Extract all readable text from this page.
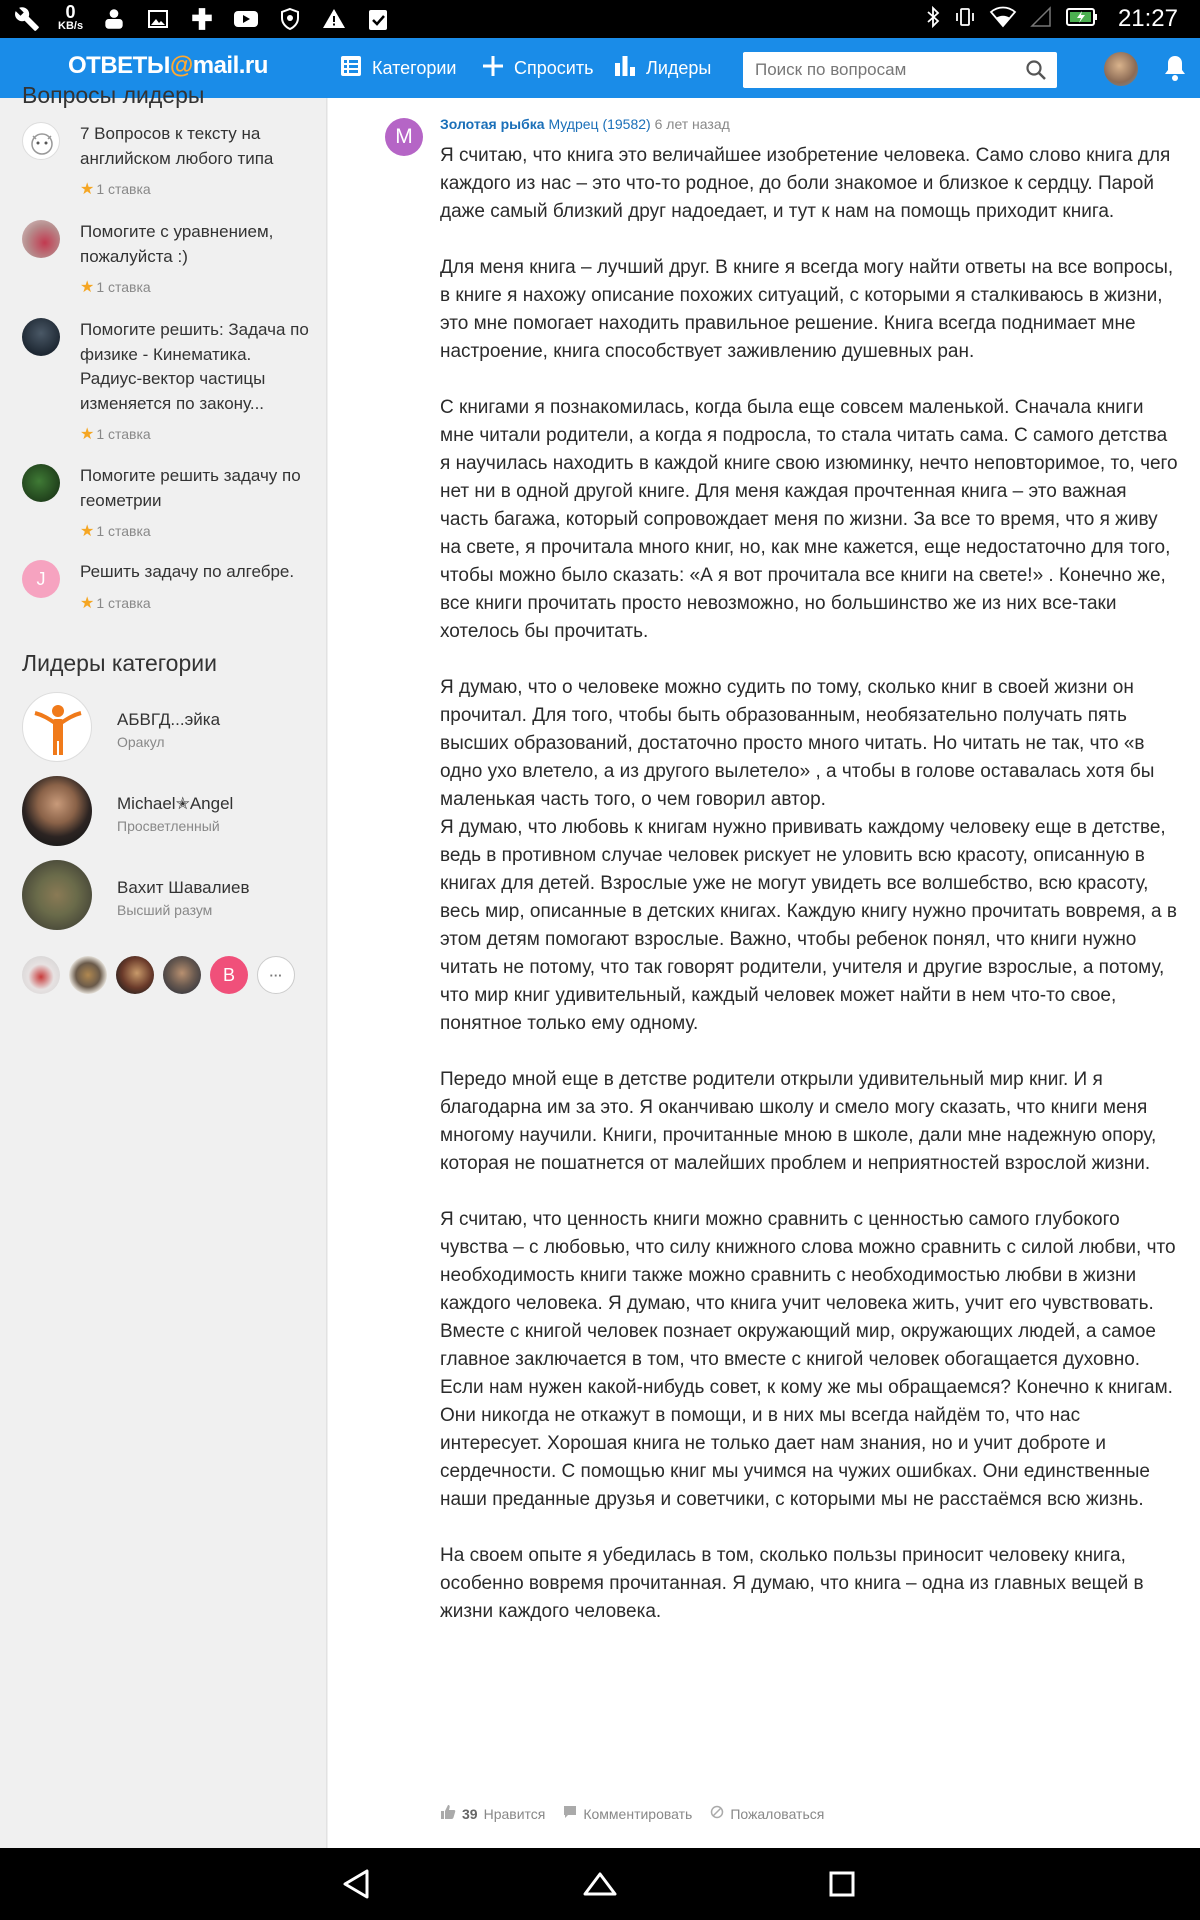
0
KB/s	21:27
ОТВЕТЫ@mail.ru	Категории	Спросить	Лидеры
Поиск по вопросам
Вопросы лидеры
7 Вопросов к тексту на английском любого типа
★ 1 ставка
Помогите с уравнением, пожалуйста :)
★ 1 ставка
Помогите решить: Задача по физике - Кинематика. Радиус-вектор частицы изменяется по закону...
★ 1 ставка
Помогите решить задачу по геометрии
★ 1 ставка
J	Решить задачу по алгебре.
★ 1 ставка
Лидеры категории
АБВГД...эйка
Оракул
Michael✭Angel
Просветленный
Вахит Шавалиев
Высший разум
B	···
M
Золотая рыбка Мудрец (19582) 6 лет назад

Я считаю, что книга это величайшее изобретение человека. Само слово книга для каждого из нас – это что-то родное, до боли знакомое и близкое к сердцу. Парой даже самый близкий друг надоедает, и тут к нам на помощь приходит книга.

Для меня книга – лучший друг. В книге я всегда могу найти ответы на все вопросы, в книге я нахожу описание похожих ситуаций, с которыми я сталкиваюсь в жизни, это мне помогает находить правильное решение. Книга всегда поднимает мне настроение, книга способствует заживлению душевных ран.

С книгами я познакомилась, когда была еще совсем маленькой. Сначала книги мне читали родители, а когда я подросла, то стала читать сама. С самого детства я научилась находить в каждой книге свою изюминку, нечто неповторимое, то, чего нет ни в одной другой книге. Для меня каждая прочтенная книга – это важная часть багажа, который сопровождает меня по жизни. За все то время, что я живу на свете, я прочитала много книг, но, как мне кажется, еще недостаточно для того, чтобы можно было сказать: «А я вот прочитала все книги на свете!» . Конечно же, все книги прочитать просто невозможно, но большинство же из них все-таки хотелось бы прочитать.

Я думаю, что о человеке можно судить по тому, сколько книг в своей жизни он прочитал. Для того, чтобы быть образованным, необязательно получать пять высших образований, достаточно просто много читать. Но читать не так, что «в одно ухо влетело, а из другого вылетело» , а чтобы в голове оставалась хотя бы маленькая часть того, о чем говорил автор.

Я думаю, что любовь к книгам нужно прививать каждому человеку еще в детстве, ведь в противном случае человек рискует не уловить всю красоту, описанную в книгах для детей. Взрослые уже не могут увидеть все волшебство, всю красоту, весь мир, описанные в детских книгах. Каждую книгу нужно прочитать вовремя, а в этом детям помогают взрослые. Важно, чтобы ребенок понял, что книги нужно читать не потому, что так говорят родители, учителя и другие взрослые, а потому, что мир книг удивительный, каждый человек может найти в нем что-то свое, понятное только ему одному.

Передо мной еще в детстве родители открыли удивительный мир книг. И я благодарна им за это. Я оканчиваю школу и смело могу сказать, что книги меня многому научили. Книги, прочитанные мною в школе, дали мне надежную опору, которая не пошатнется от малейших проблем и неприятностей взрослой жизни.

Я считаю, что ценность книги можно сравнить с ценностью самого глубокого чувства – с любовью, что силу книжного слова можно сравнить с силой любви, что необходимость книги также можно сравнить с необходимостью любви в жизни каждого человека. Я думаю, что книга учит человека жить, учит его чувствовать. Вместе с книгой человек познает окружающий мир, окружающих людей, а самое главное заключается в том, что вместе с книгой человек обогащается духовно. Если нам нужен какой-нибудь совет, к кому же мы обращаемся? Конечно к книгам. Они никогда не откажут в помощи, и в них мы всегда найдём то, что нас интересует. Хорошая книга не только дает нам знания, но и учит доброте и сердечности. С помощью книг мы учимся на чужих ошибках. Они единственные наши преданные друзья и советчики, с которыми мы не расстаёмся всю жизнь.

На своем опыте я убедилась в том, сколько пользы приносит человеку книга, особенно вовремя прочитанная. Я думаю, что книга – одна из главных вещей в жизни каждого человека.

39 Нравится	Комментировать	Пожаловаться
